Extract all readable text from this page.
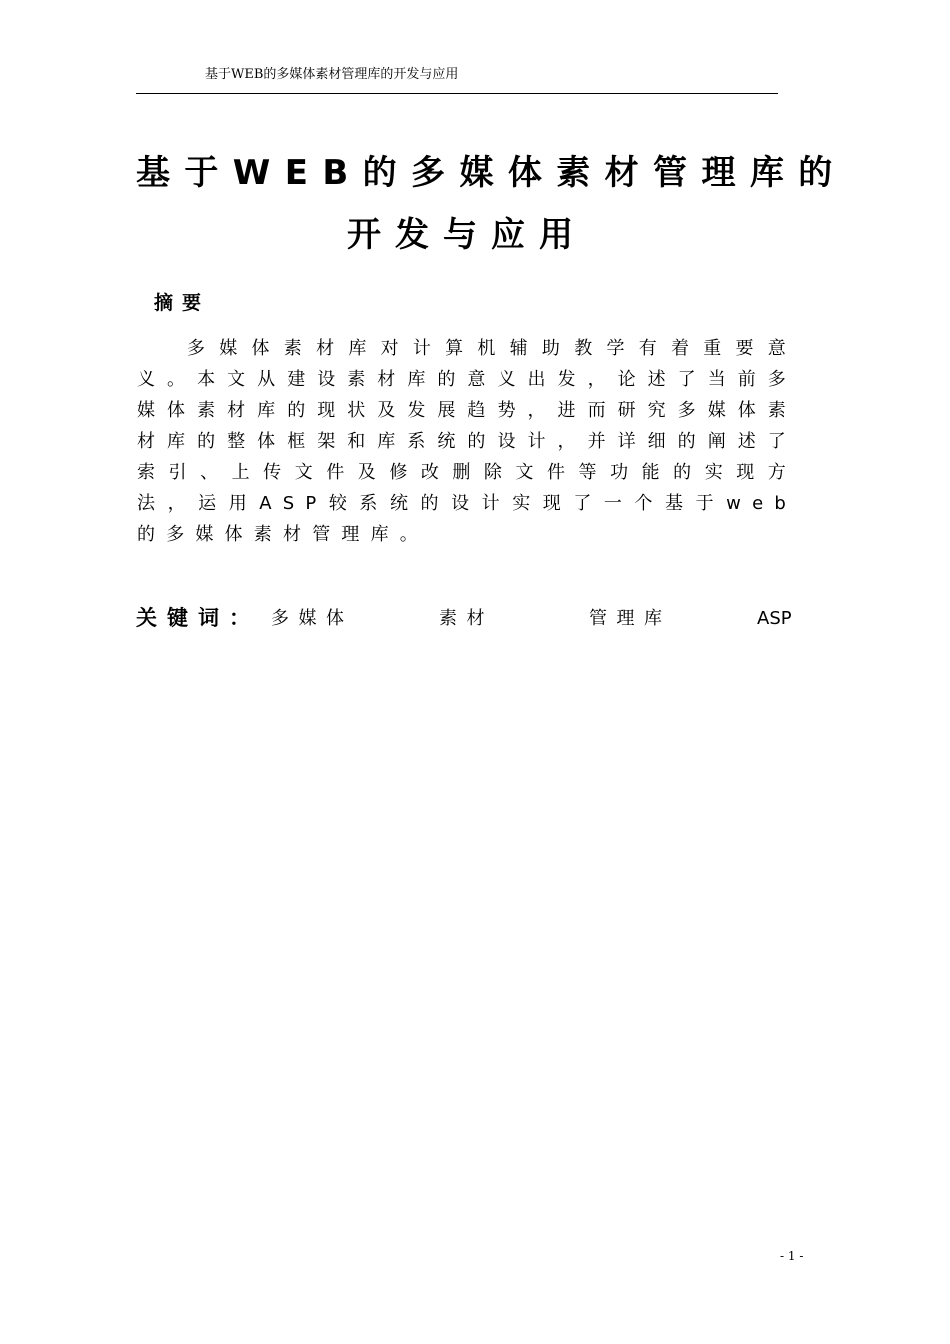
基于WEB的多媒体素材管理库的开发与应用
基于WEB的多媒体素材管理库的
开发与应用
摘要
多媒体素材库对计算机辅助教学有着重要意义。本文从建设素材库的意义出发，论述了当前多媒体素材库的现状及发展趋势，进而研究多媒体素材库的整体框架和库系统的设计，并详细的阐述了索引、上传文件及修改删除文件等功能的实现方法，运用ASP较系统的设计实现了一个基于web的多媒体素材管理库。
关键词： 多媒体	素材	管理库	ASP
- 1 -
